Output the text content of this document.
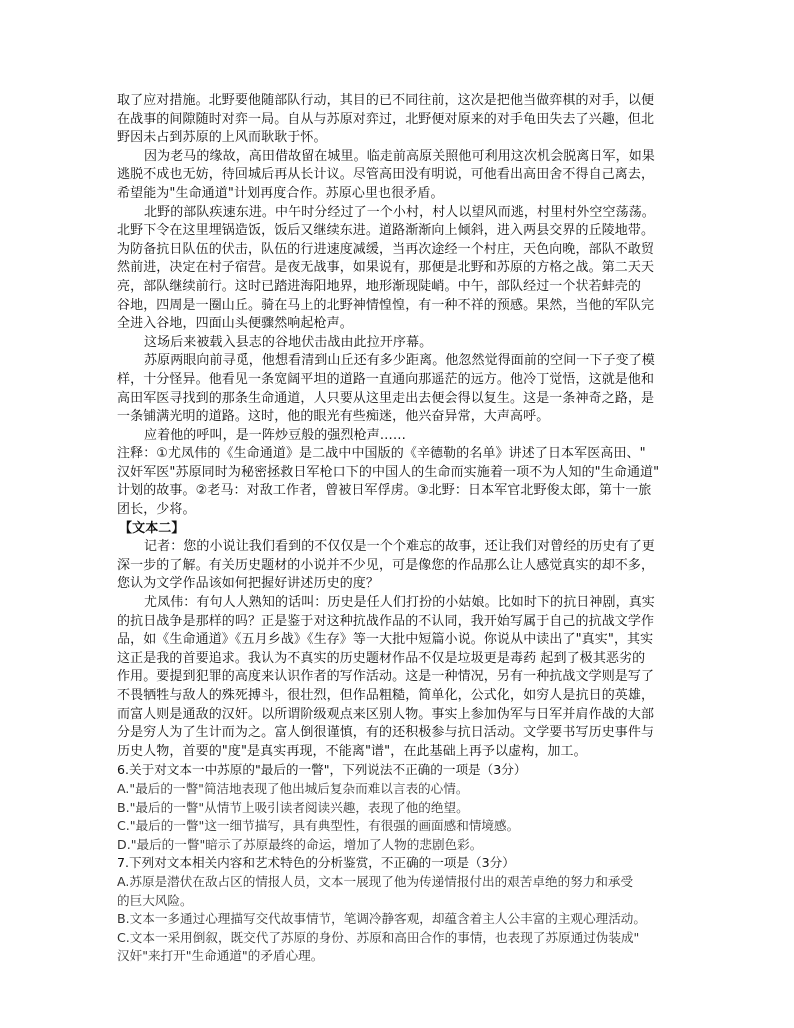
取了应对措施。北野要他随部队行动，其目的已不同往前，这次是把他当做弈棋的对手，以便
在战事的间隙随时对弈一局。自从与苏原对弈过，北野便对原来的对手龟田失去了兴趣，但北
野因未占到苏原的上风而耿耿于怀。
因为老马的缘故，高田借故留在城里。临走前高原关照他可利用这次机会脱离日军，如果
逃脱不成也无妨，待回城后再从长计议。尽管高田没有明说，可他看出高田舍不得自己离去，
希望能为"生命通道"计划再度合作。苏原心里也很矛盾。
北野的部队疾速东进。中午时分经过了一个小村，村人以望风而逃，村里村外空空荡荡。
北野下令在这里埋锅造饭，饭后又继续东进。道路渐渐向上倾斜，进入两县交界的丘陵地带。
为防备抗日队伍的伏击，队伍的行进速度减缓，当再次途经一个村庄，天色向晚，部队不敢贸
然前进，决定在村子宿营。是夜无战事，如果说有，那便是北野和苏原的方格之战。第二天天
亮，部队继续前行。这时已踏进海阳地界，地形渐现陡峭。中午，部队经过一个状若蚌壳的
谷地，四周是一圈山丘。骑在马上的北野神情惶惶，有一种不祥的预感。果然，当他的军队完
全进入谷地，四面山头便骤然响起枪声。
这场后来被载入县志的谷地伏击战由此拉开序幕。
苏原两眼向前寻觅，他想看清到山丘还有多少距离。他忽然觉得面前的空间一下子变了模
样，十分怪异。他看见一条宽阔平坦的道路一直通向那遥茫的远方。他冷丁觉悟，这就是他和
高田军医寻找到的那条生命通道，人只要从这里走出去便会得以复生。这是一条神奇之路，是
一条铺满光明的道路。这时，他的眼光有些痴迷，他兴奋异常，大声高呼。
应着他的呼叫，是一阵炒豆般的强烈枪声……
注释：①尤凤伟的《生命通道》是二战中中国版的《辛德勒的名单》讲述了日本军医高田、"
汉奸军医"苏原同时为秘密拯救日军枪口下的中国人的生命而实施着一项不为人知的"生命通道"
计划的故事。②老马：对敌工作者，曾被日军俘虏。③北野：日本军官北野俊太郎，第十一旅
团长，少将。
【文本二】
记者：您的小说让我们看到的不仅仅是一个个难忘的故事，还让我们对曾经的历史有了更
深一步的了解。有关历史题材的小说并不少见，可是像您的作品那么让人感觉真实的却不多，
您认为文学作品该如何把握好讲述历史的度？
尤凤伟：有句人人熟知的话叫：历史是任人们打扮的小姑娘。比如时下的抗日神剧，真实
的抗日战争是那样的吗？正是鉴于对这种抗战作品的不认同，我开始写属于自己的抗战文学作
品，如《生命通道》《五月乡战》《生存》等一大批中短篇小说。你说从中读出了"真实"，其实
这正是我的首要追求。我认为不真实的历史题材作品不仅是垃圾更是毒药 起到了极其恶劣的
作用。要提到犯罪的高度来认识作者的写作活动。这是一种情况，另有一种抗战文学则是写了
不畏牺牲与敌人的殊死搏斗，很壮烈，但作品粗糙，简单化，公式化，如穷人是抗日的英雄，
而富人则是通敌的汉奸。以所谓阶级观点来区别人物。事实上参加伪军与日军并肩作战的大部
分是穷人为了生计而为之。富人倒很谨慎，有的还积极参与抗日活动。文学要书写历史事件与
历史人物，首要的"度"是真实再现，不能离"谱"，在此基础上再予以虚构，加工。
6.关于对文本一中苏原的"最后的一瞥"，下列说法不正确的一项是（3分）
A."最后的一瞥"简洁地表现了他出城后复杂而难以言表的心情。
B."最后的一瞥"从情节上吸引读者阅读兴趣，表现了他的绝望。
C."最后的一瞥"这一细节描写，具有典型性，有很强的画面感和情境感。
D."最后的一瞥"暗示了苏原最终的命运，增加了人物的悲剧色彩。
7.下列对文本相关内容和艺术特色的分析鉴赏，不正确的一项是（3分）
A.苏原是潜伏在敌占区的情报人员，文本一展现了他为传递情报付出的艰苦卓绝的努力和承受
的巨大风险。
B.文本一多通过心理描写交代故事情节，笔调冷静客观，却蕴含着主人公丰富的主观心理活动。
C.文本一采用倒叙，既交代了苏原的身份、苏原和高田合作的事情，也表现了苏原通过伪装成"
汉奸"来打开"生命通道"的矛盾心理。
